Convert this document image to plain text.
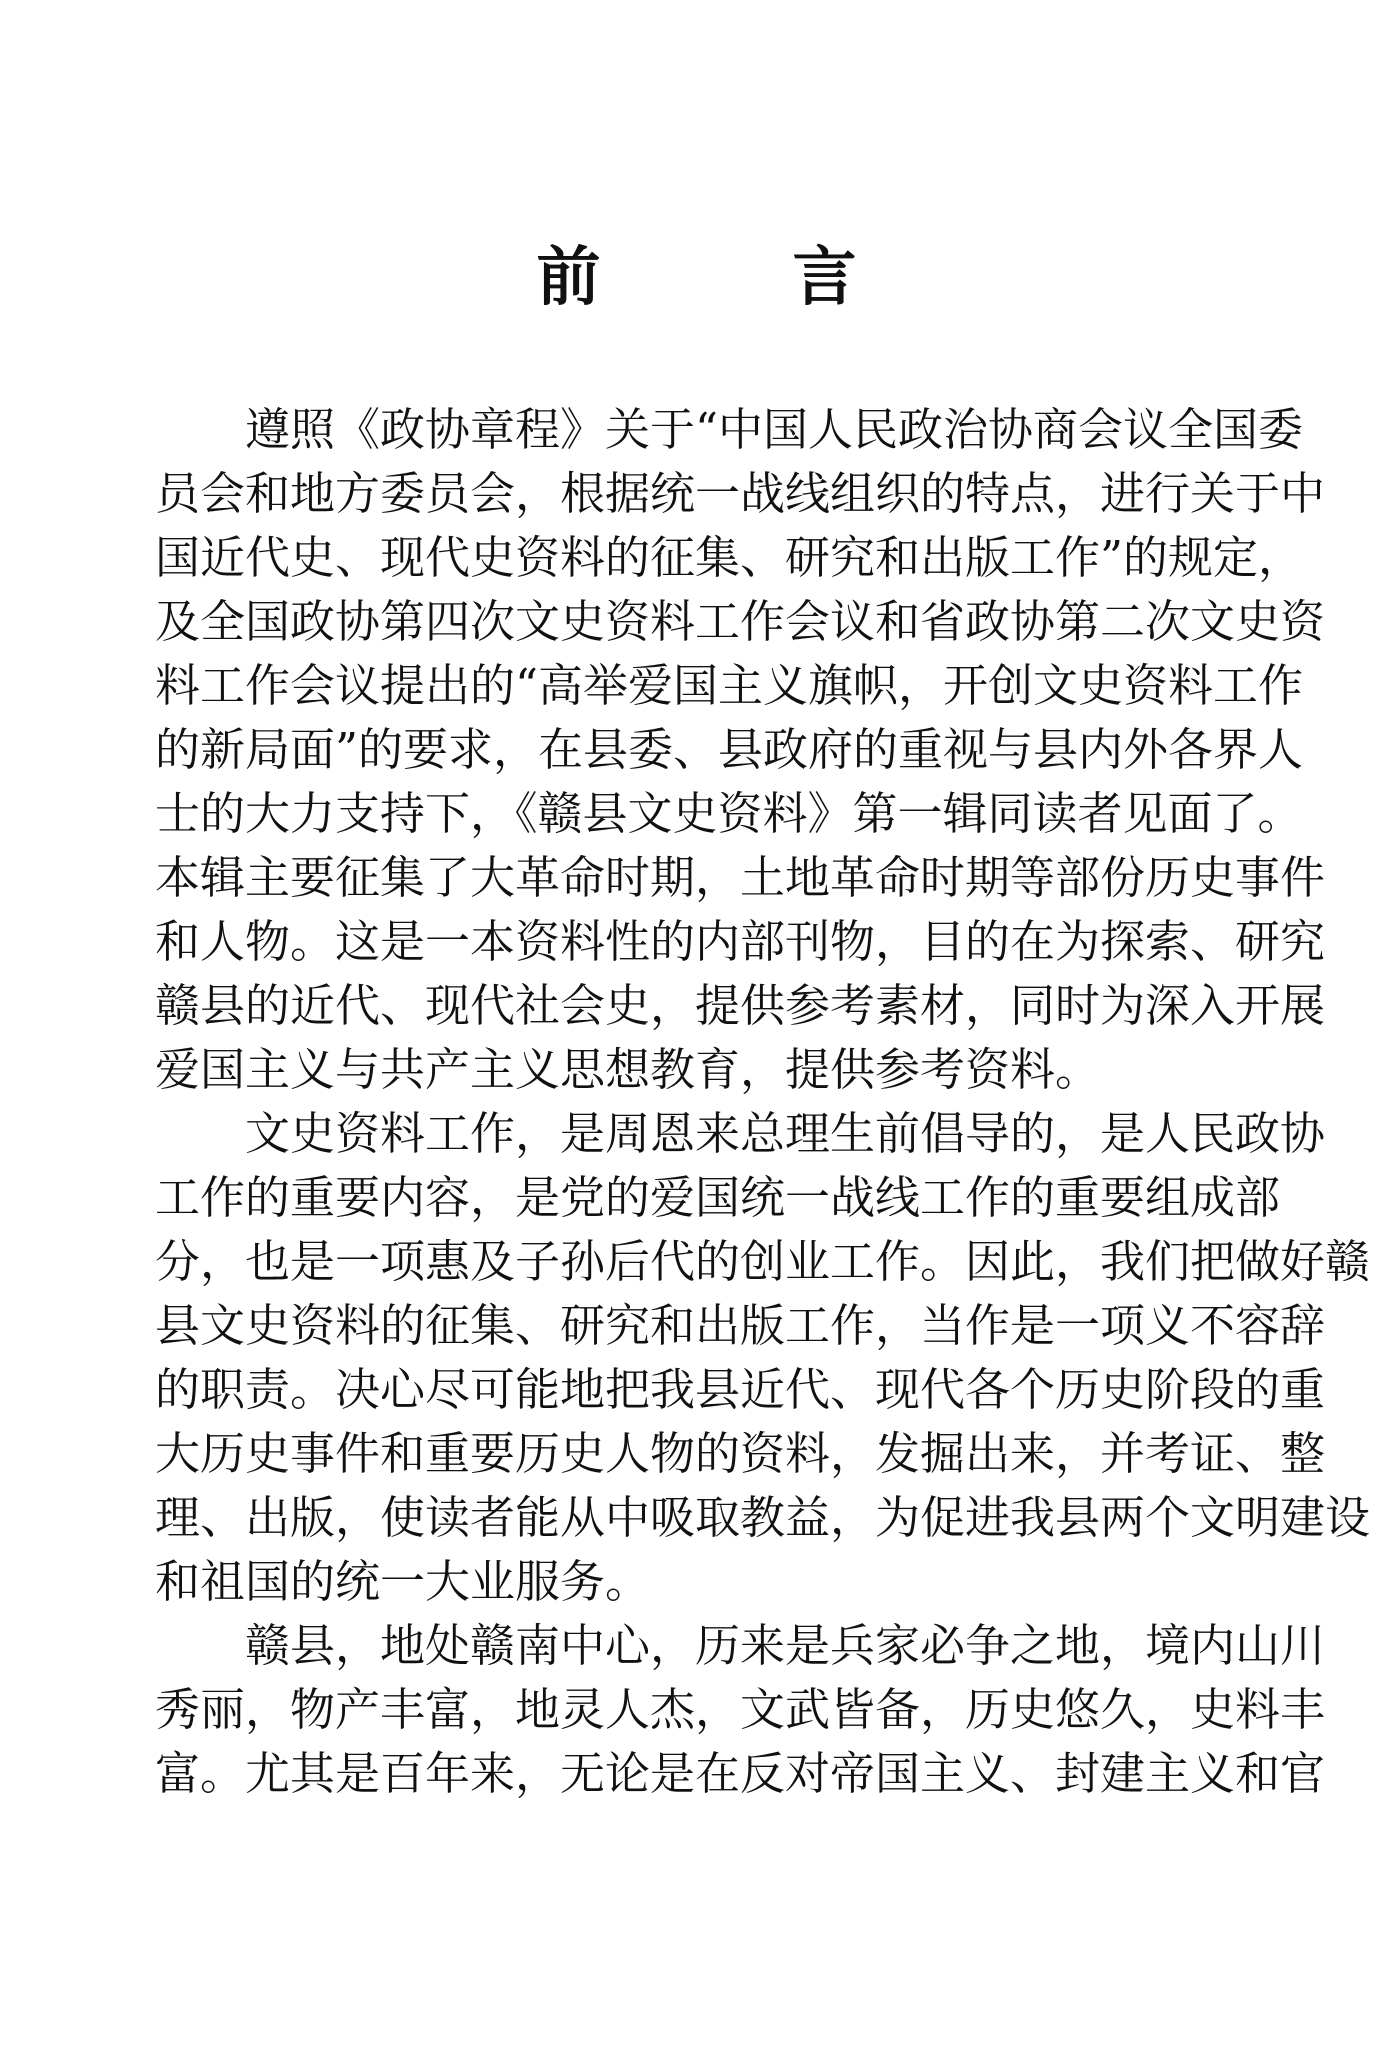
前　　　言
遵照《政协章程》关于“中国人民政治协商会议全国委
员会和地方委员会，根据统一战线组织的特点，进行关于中
国近代史、现代史资料的征集、研究和出版工作”的规定，
及全国政协第四次文史资料工作会议和省政协第二次文史资
料工作会议提出的“高举爱国主义旗帜，开创文史资料工作
的新局面”的要求，在县委、县政府的重视与县内外各界人
士的大力支持下，《赣县文史资料》第一辑同读者见面了。
本辑主要征集了大革命时期，土地革命时期等部份历史事件
和人物。这是一本资料性的内部刊物，目的在为探索、研究
赣县的近代、现代社会史，提供参考素材，同时为深入开展
爱国主义与共产主义思想教育，提供参考资料。
文史资料工作，是周恩来总理生前倡导的，是人民政协
工作的重要内容，是党的爱国统一战线工作的重要组成部
分，也是一项惠及子孙后代的创业工作。因此，我们把做好赣
县文史资料的征集、研究和出版工作，当作是一项义不容辞
的职责。决心尽可能地把我县近代、现代各个历史阶段的重
大历史事件和重要历史人物的资料，发掘出来，并考证、整
理、出版，使读者能从中吸取教益，为促进我县两个文明建设
和祖国的统一大业服务。
赣县，地处赣南中心，历来是兵家必争之地，境内山川
秀丽，物产丰富，地灵人杰，文武皆备，历史悠久，史料丰
富。尤其是百年来，无论是在反对帝国主义、封建主义和官
